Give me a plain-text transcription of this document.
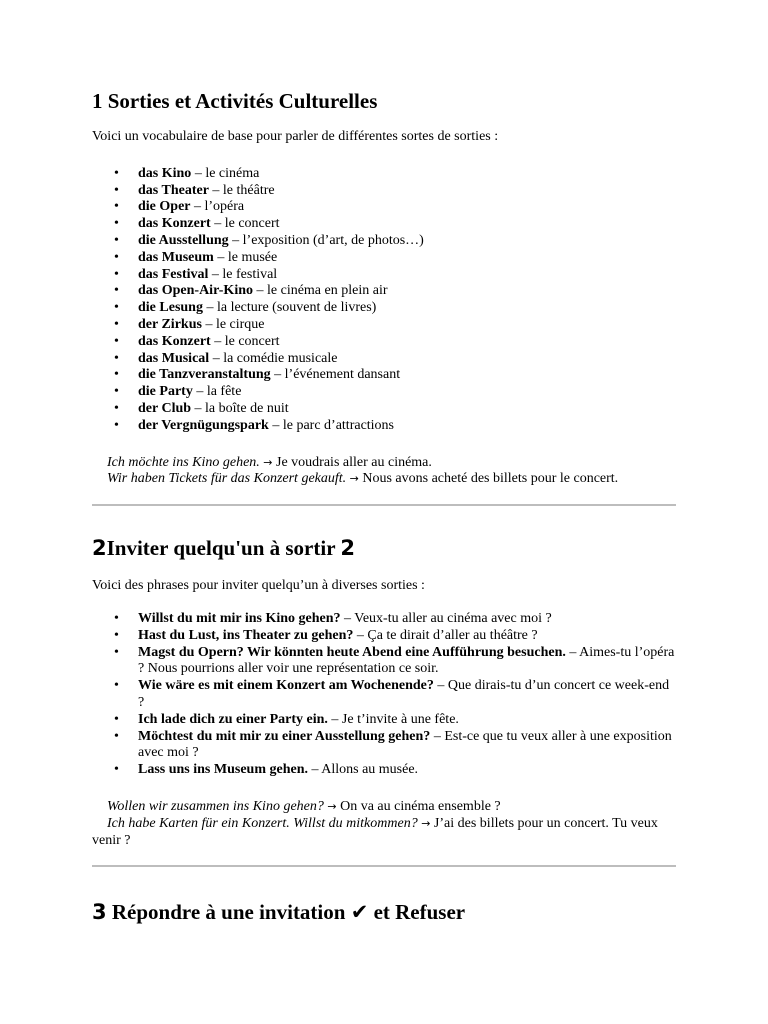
1 Sorties et Activités Culturelles

Voici un vocabulaire de base pour parler de différentes sortes de sorties :

• das Kino – le cinéma
• das Theater – le théâtre
• die Oper – l’opéra
• das Konzert – le concert
• die Ausstellung – l’exposition (d’art, de photos…)
• das Museum – le musée
• das Festival – le festival
• das Open-Air-Kino – le cinéma en plein air
• die Lesung – la lecture (souvent de livres)
• der Zirkus – le cirque
• das Konzert – le concert
• das Musical – la comédie musicale
• die Tanzveranstaltung – l’événement dansant
• die Party – la fête
• der Club – la boîte de nuit
• der Vergnügungspark – le parc d’attractions

Ich möchte ins Kino gehen. → Je voudrais aller au cinéma.

Wir haben Tickets für das Konzert gekauft. → Nous avons acheté des billets pour le concert.

2Inviter quelqu'un à sortir 2

Voici des phrases pour inviter quelqu’un à diverses sorties :

• Willst du mit mir ins Kino gehen? – Veux-tu aller au cinéma avec moi ?
• Hast du Lust, ins Theater zu gehen? – Ça te dirait d’aller au théâtre ?
• Magst du Opern? Wir könnten heute Abend eine Aufführung besuchen. – Aimes-tu l’opéra ? Nous pourrions aller voir une représentation ce soir.
• Wie wäre es mit einem Konzert am Wochenende? – Que dirais-tu d’un concert ce week-end ?
• Ich lade dich zu einer Party ein. – Je t’invite à une fête.
• Möchtest du mit mir zu einer Ausstellung gehen? – Est-ce que tu veux aller à une exposition avec moi ?
• Lass uns ins Museum gehen. – Allons au musée.

Wollen wir zusammen ins Kino gehen? → On va au cinéma ensemble ?

Ich habe Karten für ein Konzert. Willst du mitkommen? → J’ai des billets pour un concert. Tu veux venir ?

3 Répondre à une invitation ✔ et Refuser
